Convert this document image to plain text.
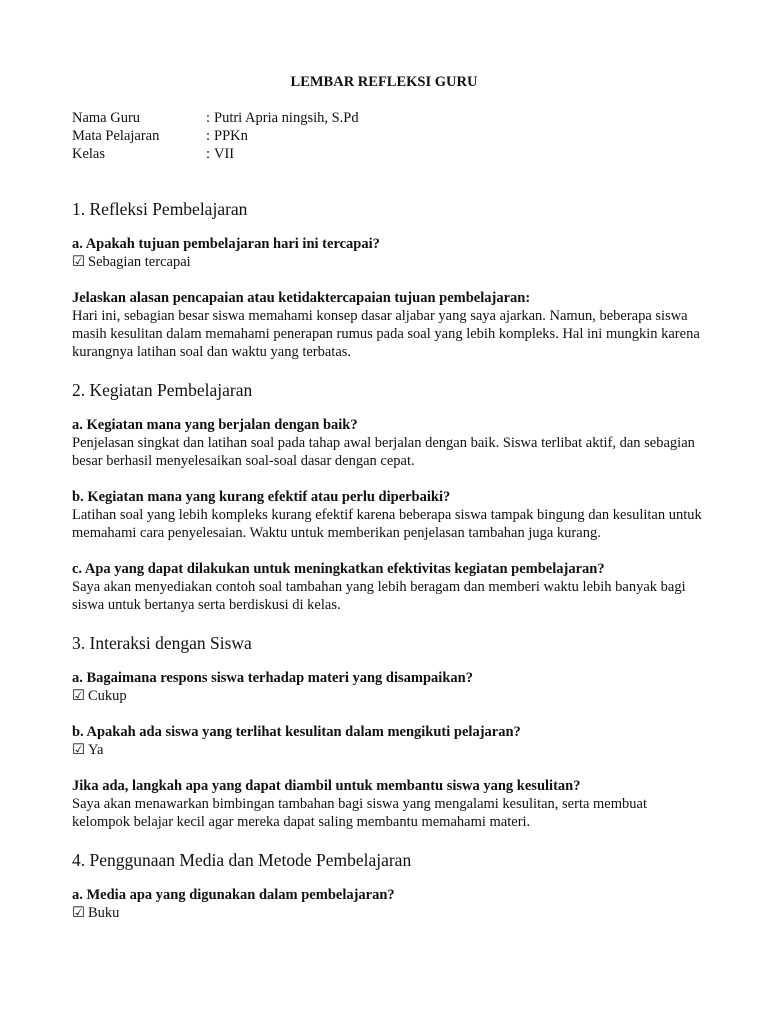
LEMBAR REFLEKSI GURU
Nama Guru	: Putri Apria ningsih, S.Pd
Mata Pelajaran	: PPKn
Kelas	: VII
1. Refleksi Pembelajaran

a. Apakah tujuan pembelajaran hari ini tercapai?

☑ Sebagian tercapai

Jelaskan alasan pencapaian atau ketidaktercapaian tujuan pembelajaran:

Hari ini, sebagian besar siswa memahami konsep dasar aljabar yang saya ajarkan. Namun, beberapa siswa masih kesulitan dalam memahami penerapan rumus pada soal yang lebih kompleks. Hal ini mungkin karena kurangnya latihan soal dan waktu yang terbatas.

2. Kegiatan Pembelajaran

a. Kegiatan mana yang berjalan dengan baik?

Penjelasan singkat dan latihan soal pada tahap awal berjalan dengan baik. Siswa terlibat aktif, dan sebagian besar berhasil menyelesaikan soal-soal dasar dengan cepat.

b. Kegiatan mana yang kurang efektif atau perlu diperbaiki?

Latihan soal yang lebih kompleks kurang efektif karena beberapa siswa tampak bingung dan kesulitan untuk memahami cara penyelesaian. Waktu untuk memberikan penjelasan tambahan juga kurang.

c. Apa yang dapat dilakukan untuk meningkatkan efektivitas kegiatan pembelajaran?

Saya akan menyediakan contoh soal tambahan yang lebih beragam dan memberi waktu lebih banyak bagi siswa untuk bertanya serta berdiskusi di kelas.

3. Interaksi dengan Siswa

a. Bagaimana respons siswa terhadap materi yang disampaikan?

☑ Cukup

b. Apakah ada siswa yang terlihat kesulitan dalam mengikuti pelajaran?

☑ Ya

Jika ada, langkah apa yang dapat diambil untuk membantu siswa yang kesulitan?

Saya akan menawarkan bimbingan tambahan bagi siswa yang mengalami kesulitan, serta membuat kelompok belajar kecil agar mereka dapat saling membantu memahami materi.

4. Penggunaan Media dan Metode Pembelajaran

a. Media apa yang digunakan dalam pembelajaran?

☑ Buku
